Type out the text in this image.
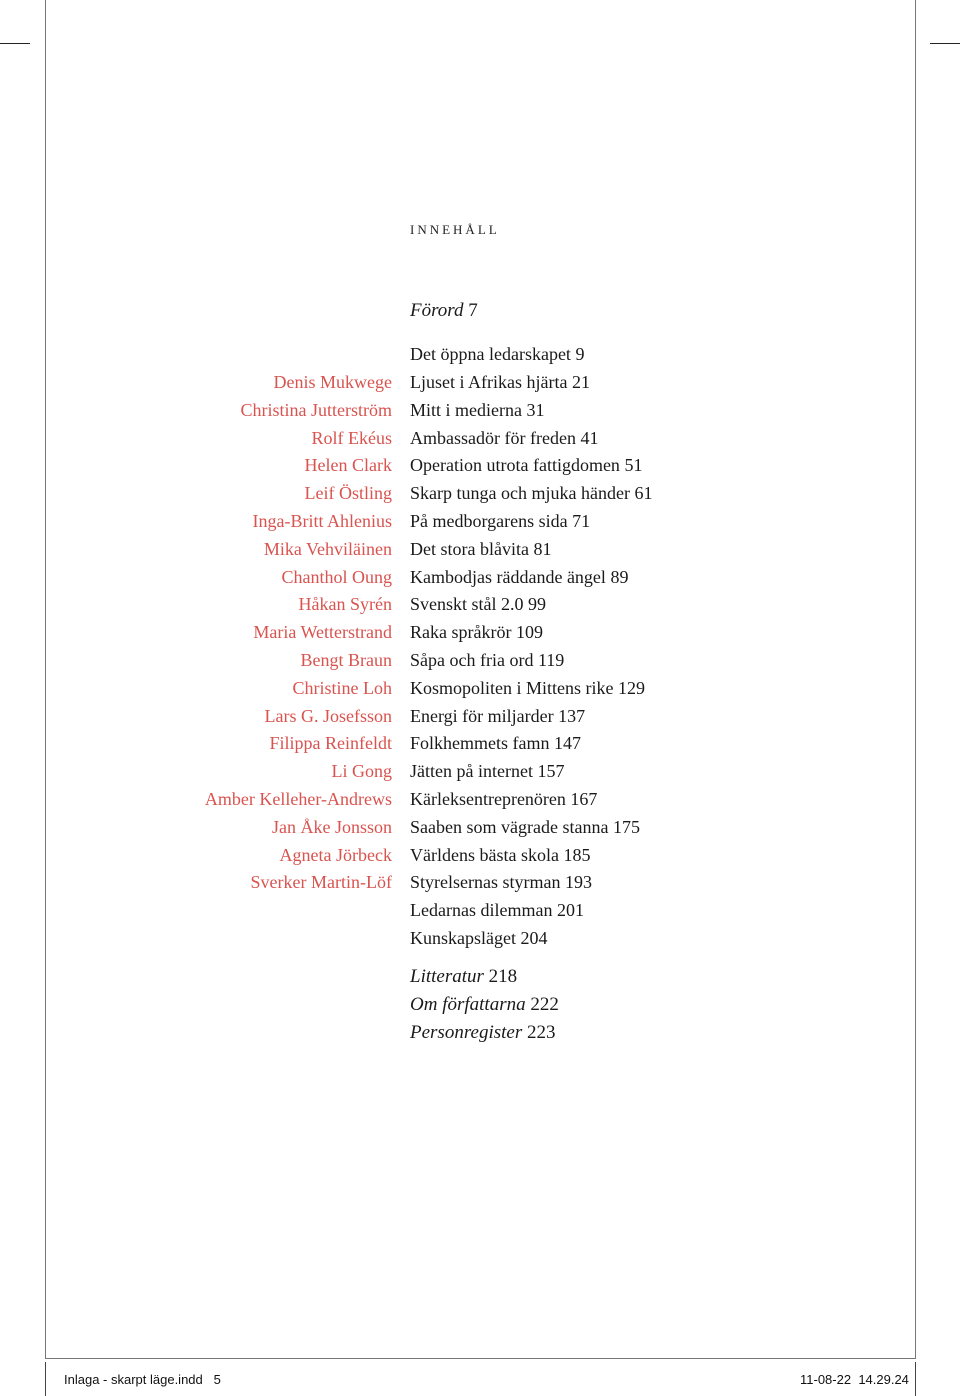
innehåll
Förord 7
Det öppna ledarskapet 9
Denis Mukwege Ljuset i Afrikas hjärta 21
Christina Jutterström Mitt i medierna 31
Rolf Ekéus Ambassadör för freden 41
Helen Clark Operation utrota fattigdomen 51
Leif Östling Skarp tunga och mjuka händer 61
Inga-Britt Ahlenius På medborgarens sida 71
Mika Vehviläinen Det stora blåvita 81
Chanthol Oung Kambodjas räddande ängel 89
Håkan Syrén Svenskt stål 2.0 99
Maria Wetterstrand Raka språkrör 109
Bengt Braun Såpa och fria ord 119
Christine Loh Kosmopoliten i Mittens rike 129
Lars G. Josefsson Energi för miljarder 137
Filippa Reinfeldt Folkhemmets famn 147
Li Gong Jätten på internet 157
Amber Kelleher-Andrews Kärleksentreprenören 167
Jan Åke Jonsson Saaben som vägrade stanna 175
Agneta Jörbeck Världens bästa skola 185
Sverker Martin-Löf Styrelsernas styrman 193
Ledarnas dilemman 201
Kunskapsläget 204
Litteratur 218
Om författarna 222
Personregister 223
Inlaga - skarpt läge.indd 5	11-08-22 14.29.24
